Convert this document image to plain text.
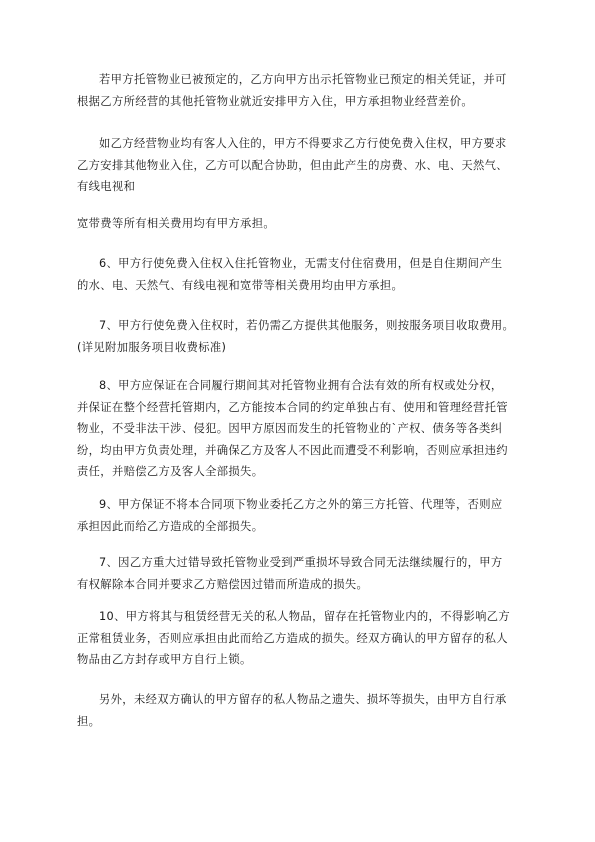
若甲方托管物业已被预定的，乙方向甲方出示托管物业已预定的相关凭证，并可
根据乙方所经营的其他托管物业就近安排甲方入住，甲方承担物业经营差价。

如乙方经营物业均有客人入住的，甲方不得要求乙方行使免费入住权，甲方要求
乙方安排其他物业入住，乙方可以配合协助，但由此产生的房费、水、电、天然气、
有线电视和

宽带费等所有相关费用均有甲方承担。

6、甲方行使免费入住权入住托管物业，无需支付住宿费用，但是自住期间产生
的水、电、天然气、有线电视和宽带等相关费用均由甲方承担。

7、甲方行使免费入住权时，若仍需乙方提供其他服务，则按服务项目收取费用。
(详见附加服务项目收费标准)

8、甲方应保证在合同履行期间其对托管物业拥有合法有效的所有权或处分权，
并保证在整个经营托管期内，乙方能按本合同的约定单独占有、使用和管理经营托管
物业，不受非法干涉、侵犯。因甲方原因而发生的托管物业的`产权、债务等各类纠
纷，均由甲方负责处理，并确保乙方及客人不因此而遭受不利影响，否则应承担违约
责任，并赔偿乙方及客人全部损失。

9、甲方保证不将本合同项下物业委托乙方之外的第三方托管、代理等，否则应
承担因此而给乙方造成的全部损失。

7、因乙方重大过错导致托管物业受到严重损坏导致合同无法继续履行的，甲方
有权解除本合同并要求乙方赔偿因过错而所造成的损失。

10、甲方将其与租赁经营无关的私人物品，留存在托管物业内的，不得影响乙方
正常租赁业务，否则应承担由此而给乙方造成的损失。经双方确认的甲方留存的私人
物品由乙方封存或甲方自行上锁。

另外，未经双方确认的甲方留存的私人物品之遗失、损坏等损失，由甲方自行承
担。
